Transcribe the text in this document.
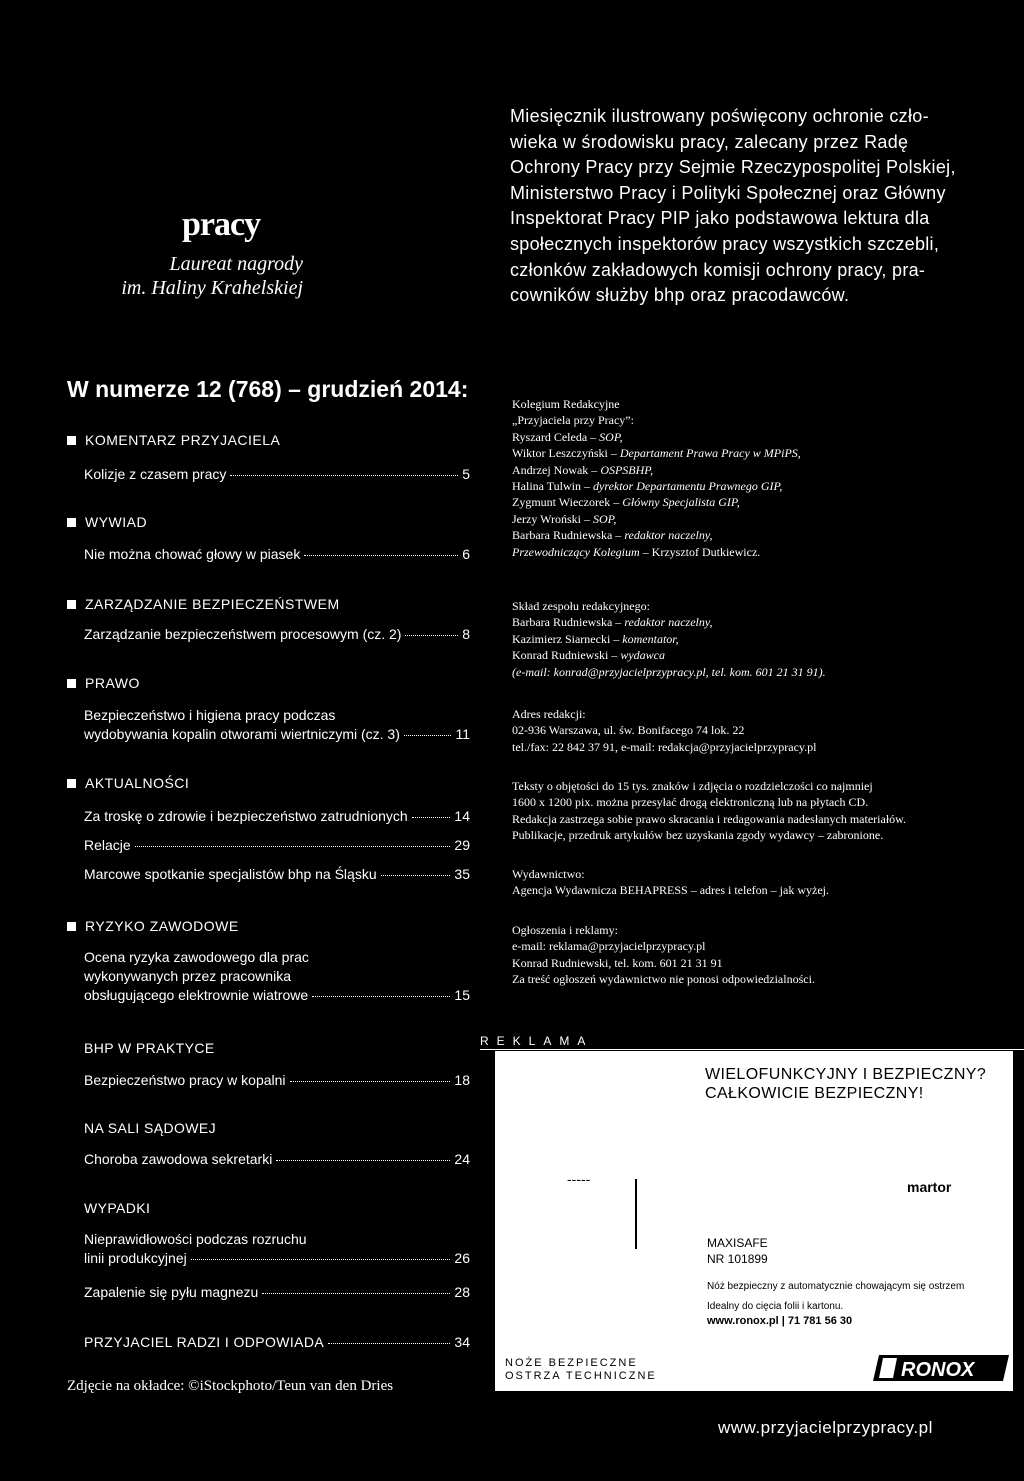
pracy
Laureat nagrody
im. Haliny Krahelskiej
Miesięcznik ilustrowany poświęcony ochronie czło-
wieka w środowisku pracy, zalecany przez Radę
Ochrony Pracy przy Sejmie Rzeczypospolitej Polskiej,
Ministerstwo Pracy i Polityki Społecznej oraz Główny
Inspektorat Pracy PIP jako podstawowa lektura dla
społecznych inspektorów pracy wszystkich szczebli,
członków zakładowych komisji ochrony pracy, pra-
cowników służby bhp oraz pracodawców.
W numerze 12 (768) – grudzień 2014:
KOMENTARZ PRZYJACIELA
Kolizje z czasem pracy	5
WYWIAD
Nie można chować głowy w piasek	6
ZARZĄDZANIE BEZPIECZEŃSTWEM
Zarządzanie bezpieczeństwem procesowym (cz. 2)	8
PRAWO
Bezpieczeństwo i higiena pracy podczas
wydobywania kopalin otworami wiertniczymi (cz. 3)	11
AKTUALNOŚCI
Za troskę o zdrowie i bezpieczeństwo zatrudnionych	14
Relacje	29
Marcowe spotkanie specjalistów bhp na Śląsku	35
RYZYKO ZAWODOWE
Ocena ryzyka zawodowego dla prac
wykonywanych przez pracownika
obsługującego elektrownie wiatrowe	15
BHP W PRAKTYCE
Bezpieczeństwo pracy w kopalni	18
NA SALI SĄDOWEJ
Choroba zawodowa sekretarki	24
WYPADKI
Nieprawidłowości podczas rozruchu
linii produkcyjnej	26
Zapalenie się pyłu magnezu	28
PRZYJACIEL RADZI I ODPOWIADA	34
Zdjęcie na okładce: ©iStockphoto/Teun van den Dries
Kolegium Redakcyjne
„Przyjaciela przy Pracy”:
Ryszard Celeda – SOP,
Wiktor Leszczyński – Departament Prawa Pracy w MPiPS,
Andrzej Nowak – OSPSBHP,
Halina Tulwin – dyrektor Departamentu Prawnego GIP,
Zygmunt Wieczorek – Główny Specjalista GIP,
Jerzy Wroński – SOP,
Barbara Rudniewska – redaktor naczelny,
Przewodniczący Kolegium – Krzysztof Dutkiewicz.
Skład zespołu redakcyjnego:
Barbara Rudniewska – redaktor naczelny,
Kazimierz Siarnecki – komentator,
Konrad Rudniewski – wydawca
(e-mail: konrad@przyjacielprzypracy.pl, tel. kom. 601 21 31 91).
Adres redakcji:
02-936 Warszawa, ul. św. Bonifacego 74 lok. 22
tel./fax: 22 842 37 91, e-mail: redakcja@przyjacielprzypracy.pl
Teksty o objętości do 15 tys. znaków i zdjęcia o rozdzielczości co najmniej
1600 x 1200 pix. można przesyłać drogą elektroniczną lub na płytach CD.
Redakcja zastrzega sobie prawo skracania i redagowania nadesłanych materiałów.
Publikacje, przedruk artykułów bez uzyskania zgody wydawcy – zabronione.
Wydawnictwo:
Agencja Wydawnicza BEHAPRESS – adres i telefon – jak wyżej.
Ogłoszenia i reklamy:
e-mail: reklama@przyjacielprzypracy.pl
Konrad Rudniewski, tel. kom. 601 21 31 91
Za treść ogłoszeń wydawnictwo nie ponosi odpowiedzialności.
REKLAMA
WIELOFUNKCYJNY I BEZPIECZNY?
CAŁKOWICIE BEZPIECZNY!
-----	martor
MAXISAFE
NR 101899
Nóż bezpieczny z automatycznie chowającym się ostrzem
Idealny do cięcia folii i kartonu.
www.ronox.pl | 71 781 56 30
NOŻE BEZPIECZNE
OSTRZA TECHNICZNE	RONOX
www.przyjacielprzypracy.pl
